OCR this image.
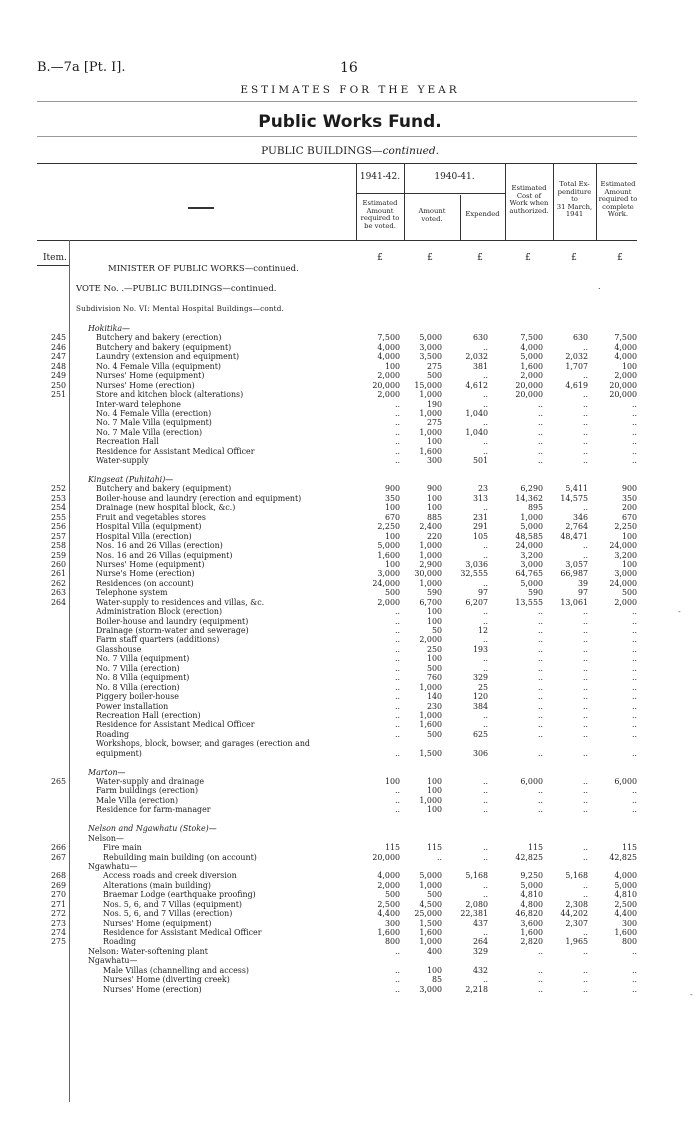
B.—7a [Pt. I].	16
ESTIMATES FOR THE YEAR
Public Works Fund.
PUBLIC BUILDINGS—continued.
1941-42.	1940-41.
Estimated
Amount
required to
be voted.
Amount
voted.
Expended
Estimated
Cost of
Work when
authorized.
Total Ex-
penditure
to
31 March,
1941
Estimated
Amount
required to
complete
Work.
Item.	£	£	£	£	£	£
MINISTER OF PUBLIC WORKS—continued.
VOTE No. .—PUBLIC BUILDINGS—continued.	.
Subdivision No. VI: Mental Hospital Buildings—contd.
Hokitika—
245	Butchery and bakery (erection)	7,500	5,000	630	7,500	630	7,500
246	Butchery and bakery (equipment)	4,000	3,000	..	4,000	..	4,000
247	Laundry (extension and equipment)	4,000	3,500	2,032	5,000	2,032	4,000
248	No. 4 Female Villa (equipment)	100	275	381	1,600	1,707	100
249	Nurses' Home (equipment)	2,000	500	..	2,000	..	2,000
250	Nurses' Home (erection)	20,000	15,000	4,612	20,000	4,619	20,000
251	Store and kitchen block (alterations)	2,000	1,000	..	20,000	..	20,000
Inter-ward telephone	..	190	..	..	..	..
No. 4 Female Villa (erection)	..	1,000	1,040	..	..	..
No. 7 Male Villa (equipment)	..	275	..	..	..	..
No. 7 Male Villa (erection)	..	1,000	1,040	..	..	..
Recreation Hall	..	100	..	..	..	..
Residence for Assistant Medical Officer	..	1,600	..	..	..	..
Water-supply	..	300	501	..	..	..
Kingseat (Puhitahi)—
252	Butchery and bakery (equipment)	900	900	23	6,290	5,411	900
253	Boiler-house and laundry (erection and equipment)	350	100	313	14,362	14,575	350
254	Drainage (new hospital block, &c.)	100	100	..	895	..	200
255	Fruit and vegetables stores	670	885	231	1,000	346	670
256	Hospital Villa (equipment)	2,250	2,400	291	5,000	2,764	2,250
257	Hospital Villa (erection)	100	220	105	48,585	48,471	100
258	Nos. 16 and 26 Villas (erection)	5,000	1,000	..	24,000	..	24,000
259	Nos. 16 and 26 Villas (equipment)	1,600	1,000	..	3,200	..	3,200
260	Nurses' Home (equipment)	100	2,900	3,036	3,000	3,057	100
261	Nurse's Home (erection)	3,000	30,000	32,555	64,765	66,987	3,000
262	Residences (on account)	24,000	1,000	..	5,000	39	24,000
263	Telephone system	500	590	97	590	97	500
264	Water-supply to residences and villas, &c.	2,000	6,700	6,207	13,555	13,061	2,000
Administration Block (erection)	..	100	..	..	..	..
Boiler-house and laundry (equipment)	..	100	..	..	..	..
Drainage (storm-water and sewerage)	..	50	12	..	..	..
Farm staff quarters (additions)	..	2,000	..	..	..	..
Glasshouse	..	250	193	..	..	..
No. 7 Villa (equipment)	..	100	..	..	..	..
No. 7 Villa (erection)	..	500	..	..	..	..
No. 8 Villa (equipment)	..	760	329	..	..	..
No. 8 Villa (erection)	..	1,000	25	..	..	..
Piggery boiler-house	..	140	120	..	..	..
Power installation	..	230	384	..	..	..
Recreation Hall (erection)	..	1,000	..	..	..	..
Residence for Assistant Medical Officer	..	1,600	..	..	..	..
Roading	..	500	625	..	..	..
Workshops, block, bowser, and garages (erection and
equipment)	..	1,500	306	..	..	..
Marton—
265	Water-supply and drainage	100	100	..	6,000	..	6,000
Farm buildings (erection)	..	100	..	..	..	..
Male Villa (erection)	..	1,000	..	..	..	..
Residence for farm-manager	..	100	..	..	..	..
Nelson and Ngawhatu (Stoke)—
Nelson—
266	Fire main	115	115	..	115	..	115
267	Rebuilding main building (on account)	20,000	..	..	42,825	..	42,825
Ngawhatu—
268	Access roads and creek diversion	4,000	5,000	5,168	9,250	5,168	4,000
269	Alterations (main building)	2,000	1,000	..	5,000	..	5,000
270	Braemar Lodge (earthquake proofing)	500	500	..	4,810	..	4,810
271	Nos. 5, 6, and 7 Villas (equipment)	2,500	4,500	2,080	4,800	2,308	2,500
272	Nos. 5, 6, and 7 Villas (erection)	4,400	25,000	22,381	46,820	44,202	4,400
273	Nurses' Home (equipment)	300	1,500	437	3,600	2,307	300
274	Residence for Assistant Medical Officer	1,600	1,600	..	1,600	..	1,600
275	Roading	800	1,000	264	2,820	1,965	800
Nelson: Water-softening plant	..	400	329	..	..	..
Ngawhatu—
Male Villas (channelling and access)	..	100	432	..	..	..
Nurses' Home (diverting creek)	..	85	..	..	..	..
Nurses' Home (erection)	..	3,000	2,218	..	..	..
-
-
